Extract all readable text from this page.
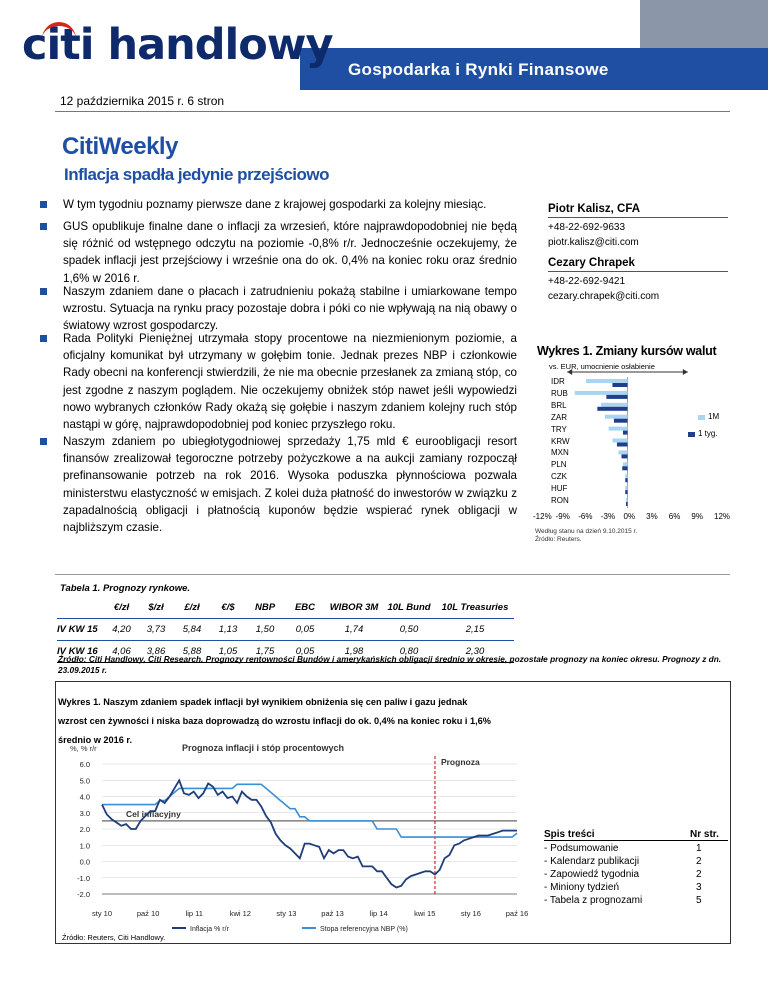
Gospodarka i Rynki Finansowe
citi handlowy
12 października 2015 r. 6 stron
CitiWeekly
Inflacja spadła jedynie przejściowo
W tym tygodniu poznamy pierwsze dane z krajowej gospodarki za kolejny miesiąc.
GUS opublikuje finalne dane o inflacji za wrzesień, które najprawdopodobniej nie będą się różnić od wstępnego odczytu na poziomie -0,8% r/r. Jednocześnie oczekujemy, że spadek inflacji jest przejściowy i wrześnie ona do ok. 0,4% na koniec roku oraz średnio 1,6% w 2016 r.
Naszym zdaniem dane o płacach i zatrudnieniu pokażą stabilne i umiarkowane tempo wzrostu. Sytuacja na rynku pracy pozostaje dobra i póki co nie wpływają na nią obawy o światowy wzrost gospodarczy.
Rada Polityki Pieniężnej utrzymała stopy procentowe na niezmienionym poziomie, a oficjalny komunikat był utrzymany w gołębim tonie. Jednak prezes NBP i członkowie Rady obecni na konferencji stwierdzili, że nie ma obecnie przesłanek za zmianą stóp, co jest zgodne z naszym poglądem. Nie oczekujemy obniżek stóp nawet jeśli wypowiedzi nowo wybranych członków Rady okażą się gołębie i naszym zdaniem kolejny ruch stóp nastąpi w górę, najprawdopodobniej pod koniec przyszłego roku.
Naszym zdaniem po ubiegłotygodniowej sprzedaży 1,75 mld € euroobligacji resort finansów zrealizował tegoroczne potrzeby pożyczkowe a na aukcji zamiany rozpoczął prefinansowanie potrzeb na rok 2016. Wysoka poduszka płynnościowa pozwala ministerstwu elastyczność w emisjach. Z kolei duża płatność do inwestorów w związku z zapadalnością obligacji i płatnością kuponów będzie wspierać rynek obligacji w najbliższym czasie.
Piotr Kalisz, CFA
+48-22-692-9633
piotr.kalisz@citi.com
Cezary Chrapek
+48-22-692-9421
cezary.chrapek@citi.com
Wykres 1. Zmiany kursów walut
vs. EUR, umocnienie osłabienie
IDR
RUB
BRL
ZAR
TRY
KRW
MXN
PLN
CZK
HUF
RON
-12% -9% -6% -3% 0% 3% 6% 9% 12%
1M
1 tyg.
Według stanu na dzień 9.10.2015 r.
Źródło: Reuters.
Tabela 1. Prognozy rynkowe.
	€/zł	$/zł	£/zł	€/$	NBP	EBC	WIBOR 3M	10L Bund	10L Treasuries
IV KW 15	4,20	3,73	5,84	1,13	1,50	0,05	1,74	0,50	2,15
IV KW 16	4,06	3,86	5,88	1,05	1,75	0,05	1,98	0,80	2,30
Źródło: Citi Handlowy, Citi Research. Prognozy rentowności Bundów i amerykańskich obligacji średnio w okresie, pozostałe prognozy na koniec okresu. Prognozy z dn. 23.09.2015 r.
Wykres 1. Naszym zdaniem spadek inflacji był wynikiem obniżenia się cen paliw i gazu jednak wzrost cen żywności i niska baza doprowadzą do wzrostu inflacji do ok. 0,4% na koniec roku i 1,6% średnio w 2016 r.
Prognoza inflacji i stóp procentowych
%, % r/r
6.0
5.0
4.0
3.0
2.0
1.0
0.0
-1.0
-2.0
sty 10	paź 10	lip 11	kwi 12	sty 13	paź 13	lip 14	kwi 15	sty 16	paź 16
Cel inflacyjny
Prognoza
Inflacja % r/r	Stopa referencyjna NBP (%)
Źródło: Reuters, Citi Handlowy.
Spis treści	Nr str.
- Podsumowanie	1
- Kalendarz publikacji	2
- Zapowiedź tygodnia	2
- Miniony tydzień	3
- Tabela z prognozami	5
